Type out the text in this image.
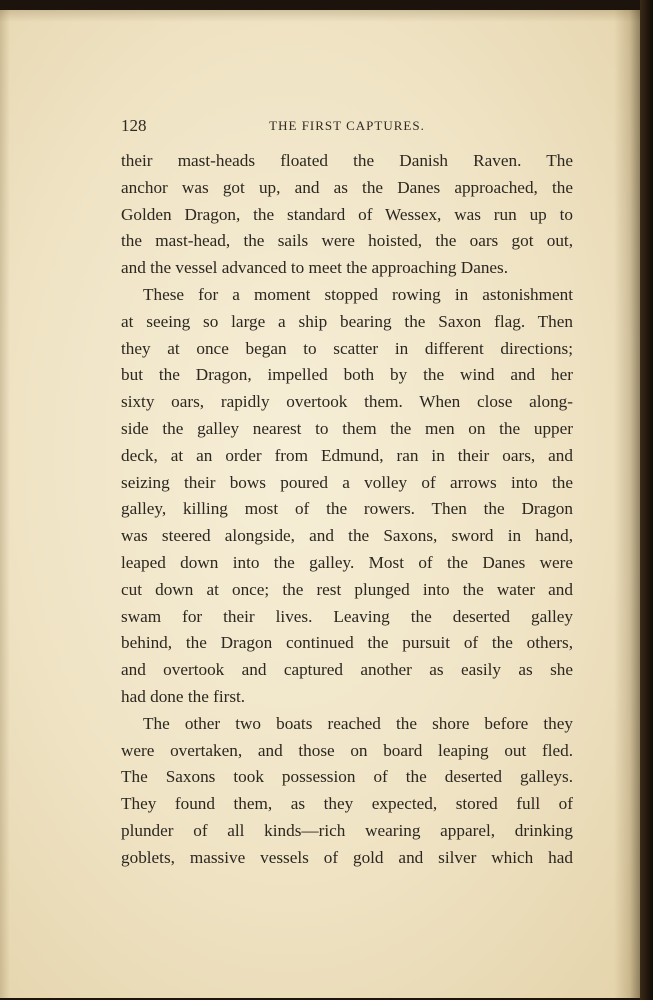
128	THE FIRST CAPTURES.
their mast-heads floated the Danish Raven. The
anchor was got up, and as the Danes approached, the
Golden Dragon, the standard of Wessex, was run up to
the mast-head, the sails were hoisted, the oars got out,
and the vessel advanced to meet the approaching Danes.
These for a moment stopped rowing in astonishment
at seeing so large a ship bearing the Saxon flag. Then
they at once began to scatter in different directions;
but the Dragon, impelled both by the wind and her
sixty oars, rapidly overtook them. When close along-
side the galley nearest to them the men on the upper
deck, at an order from Edmund, ran in their oars, and
seizing their bows poured a volley of arrows into the
galley, killing most of the rowers. Then the Dragon
was steered alongside, and the Saxons, sword in hand,
leaped down into the galley. Most of the Danes were
cut down at once; the rest plunged into the water and
swam for their lives. Leaving the deserted galley
behind, the Dragon continued the pursuit of the others,
and overtook and captured another as easily as she
had done the first.
The other two boats reached the shore before they
were overtaken, and those on board leaping out fled.
The Saxons took possession of the deserted galleys.
They found them, as they expected, stored full of
plunder of all kinds—rich wearing apparel, drinking
goblets, massive vessels of gold and silver which had
